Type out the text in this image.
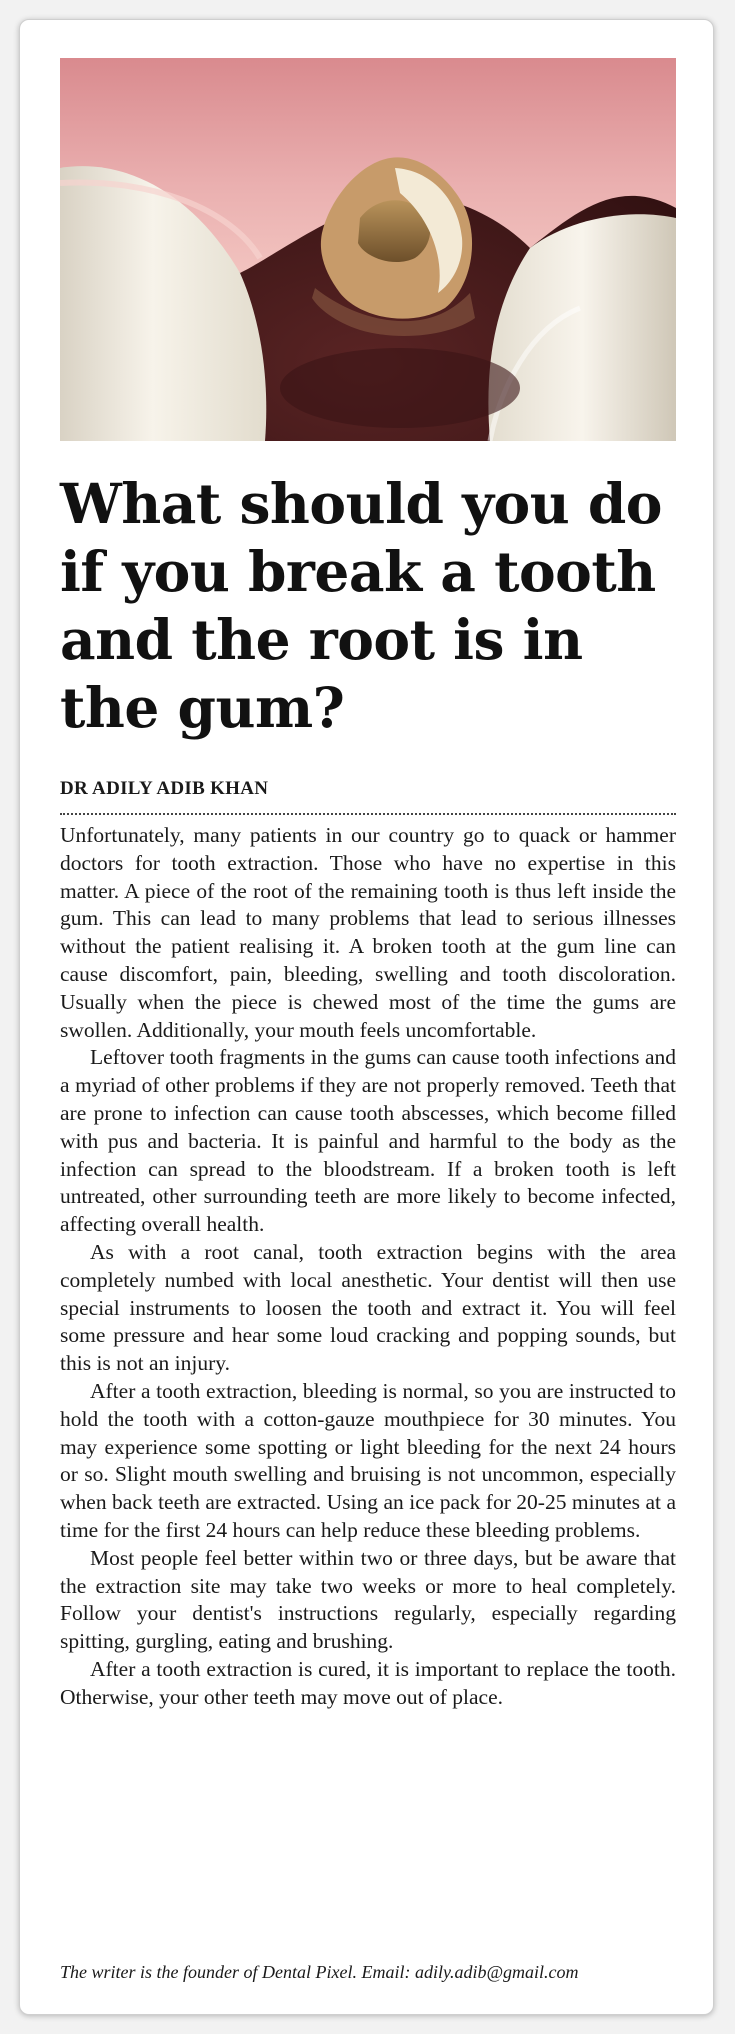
What should you do if you break a tooth and the root is in the gum?

DR ADILY ADIB KHAN

Unfortunately, many patients in our country go to quack or hammer doctors for tooth extraction. Those who have no expertise in this matter. A piece of the root of the remaining tooth is thus left inside the gum. This can lead to many problems that lead to serious illnesses without the patient realising it. A broken tooth at the gum line can cause discomfort, pain, bleeding, swelling and tooth discoloration. Usually when the piece is chewed most of the time the gums are swollen. Additionally, your mouth feels uncomfortable.

Leftover tooth fragments in the gums can cause tooth infections and a myriad of other problems if they are not properly removed. Teeth that are prone to infection can cause tooth abscesses, which become filled with pus and bacteria. It is painful and harmful to the body as the infection can spread to the bloodstream. If a broken tooth is left untreated, other surrounding teeth are more likely to become infected, affecting overall health.

As with a root canal, tooth extraction begins with the area completely numbed with local anesthetic. Your dentist will then use special instruments to loosen the tooth and extract it. You will feel some pressure and hear some loud cracking and popping sounds, but this is not an injury.

After a tooth extraction, bleeding is normal, so you are instructed to hold the tooth with a cotton-gauze mouthpiece for 30 minutes. You may experience some spotting or light bleeding for the next 24 hours or so. Slight mouth swelling and bruising is not uncommon, especially when back teeth are extracted. Using an ice pack for 20-25 minutes at a time for the first 24 hours can help reduce these bleeding problems.

Most people feel better within two or three days, but be aware that the extraction site may take two weeks or more to heal completely. Follow your dentist's instructions regularly, especially regarding spitting, gurgling, eating and brushing.

After a tooth extraction is cured, it is important to replace the tooth. Otherwise, your other teeth may move out of place.

The writer is the founder of Dental Pixel. Email: adily.adib@gmail.com
